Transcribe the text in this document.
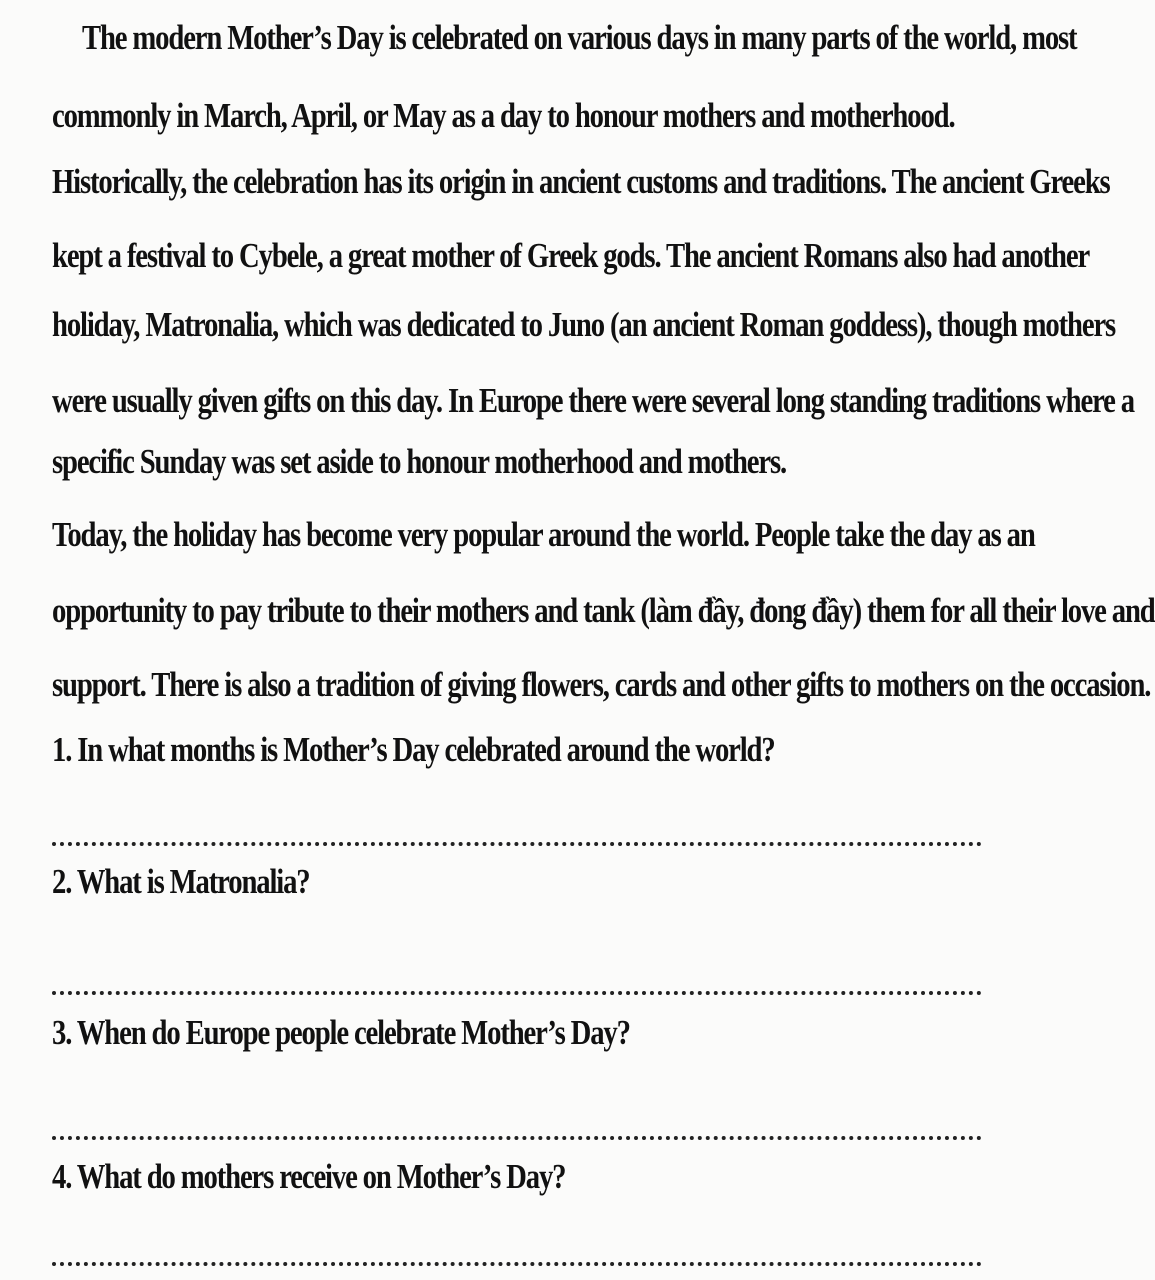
The modern Mother’s Day is celebrated on various days in many parts of the world, most
commonly in March, April, or May as a day to honour mothers and motherhood.
Historically, the celebration has its origin in ancient customs and traditions. The ancient Greeks
kept a festival to Cybele, a great mother of Greek gods. The ancient Romans also had another
holiday, Matronalia, which was dedicated to Juno (an ancient Roman goddess), though mothers
were usually given gifts on this day. In Europe there were several long standing traditions where a
specific Sunday was set aside to honour motherhood and mothers.
Today, the holiday has become very popular around the world. People take the day as an
opportunity to pay tribute to their mothers and tank (làm đầy, đong đầy) them for all their love and
support. There is also a tradition of giving flowers, cards and other gifts to mothers on the occasion.
1. In what months is Mother’s Day celebrated around the world?
2. What is Matronalia?
3. When do Europe people celebrate Mother’s Day?
4. What do mothers receive on Mother’s Day?
